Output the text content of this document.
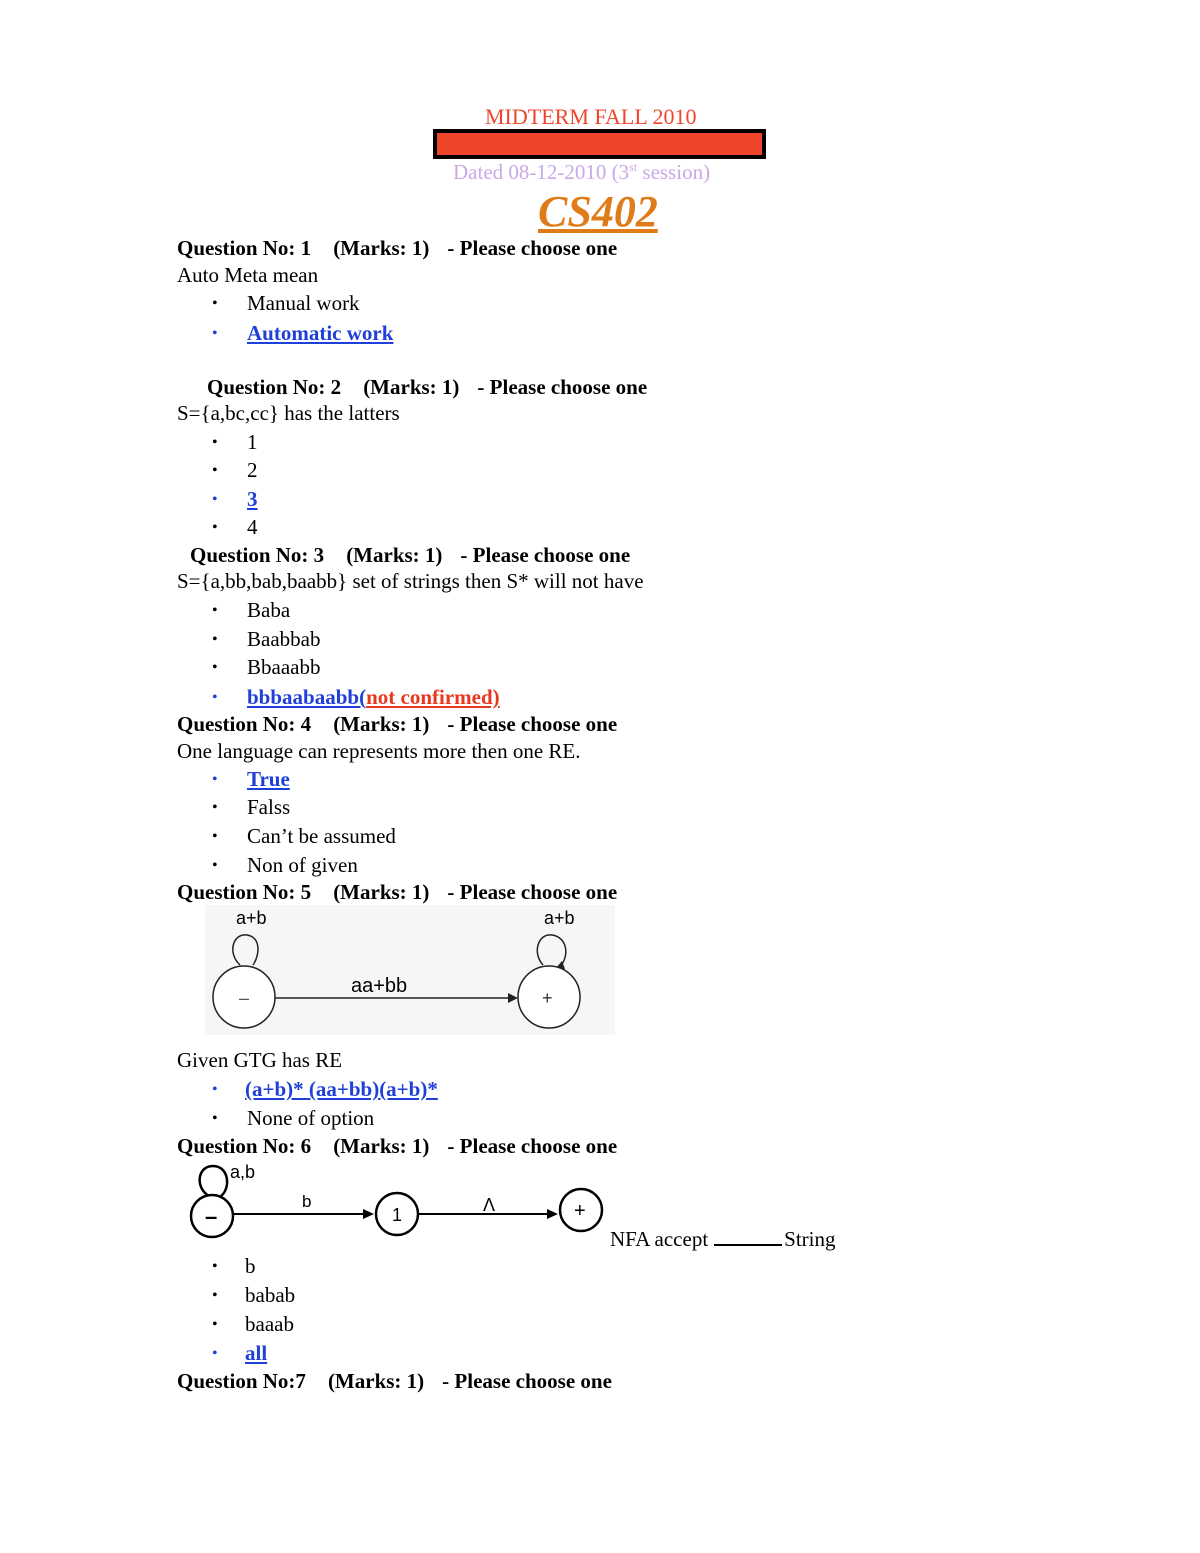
MIDTERM FALL 2010
Dated 08-12-2010 (3st session)
CS402
Question No: 1 (Marks: 1) - Please choose one
Auto Meta mean
• Manual work
• Automatic work
Question No: 2 (Marks: 1) - Please choose one
S={a,bc,cc} has the latters
• 1
• 2
• 3
• 4
Question No: 3 (Marks: 1) - Please choose one
S={a,bb,bab,baabb} set of strings then S* will not have
• Baba
• Baabbab
• Bbaaabb
• bbbaabaabb(not confirmed)
Question No: 4 (Marks: 1) - Please choose one
One language can represents more then one RE.
• True
• Falss
• Can’t be assumed
• Non of given
Question No: 5 (Marks: 1) - Please choose one
a+b
–
a+b
+
aa+bb
Given GTG has RE
• (a+b)* (aa+bb)(a+b)*
• None of option
Question No: 6 (Marks: 1) - Please choose one
a,b
–
b
1	Λ	+
NFA accept	String
• b
• babab
• baaab
• all
Question No:7 (Marks: 1) - Please choose one
